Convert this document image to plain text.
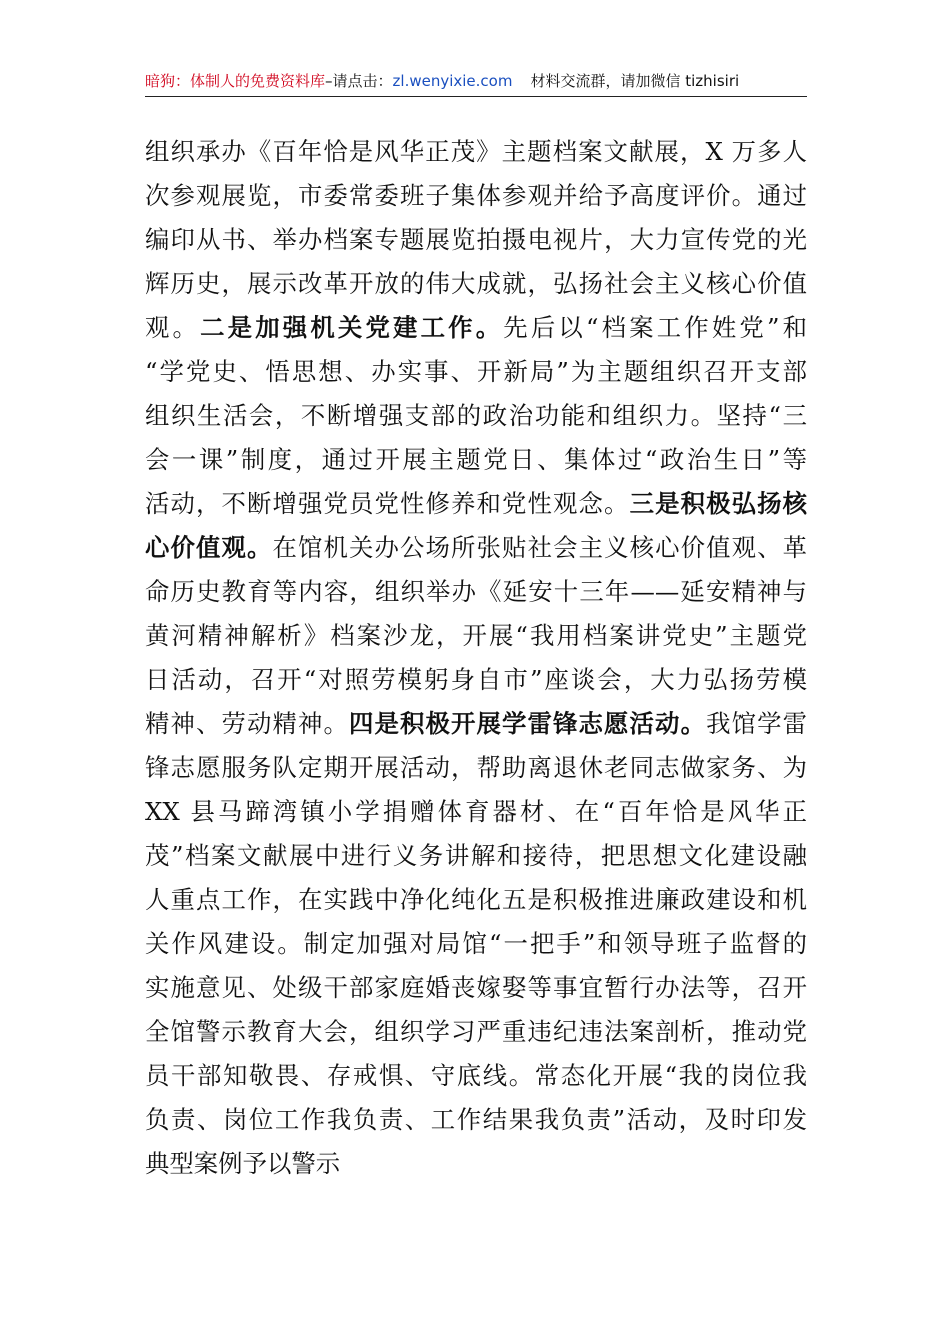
暗狗：体制人的免费资料库–请点击：zl.wenyixie.com 材料交流群，请加微信 tizhisiri
组织承办《百年恰是风华正茂》主题档案文献展，X 万多人
次参观展览，市委常委班子集体参观并给予高度评价。通过
编印从书、举办档案专题展览拍摄电视片，大力宣传党的光
辉历史，展示改革开放的伟大成就，弘扬社会主义核心价值
观。二是加强机关党建工作。先后以“档案工作姓党”和
“学党史、悟思想、办实事、开新局”为主题组织召开支部
组织生活会，不断增强支部的政治功能和组织力。坚持“三
会一课”制度，通过开展主题党日、集体过“政治生日”等
活动，不断增强党员党性修养和党性观念。三是积极弘扬核
心价值观。在馆机关办公场所张贴社会主义核心价值观、革
命历史教育等内容，组织举办《延安十三年——延安精神与
黄河精神解析》档案沙龙，开展“我用档案讲党史”主题党
日活动，召开“对照劳模躬身自市”座谈会，大力弘扬劳模
精神、劳动精神。四是积极开展学雷锋志愿活动。我馆学雷
锋志愿服务队定期开展活动，帮助离退休老同志做家务、为
XX 县马蹄湾镇小学捐赠体育器材、在“百年恰是风华正
茂”档案文献展中进行义务讲解和接待，把思想文化建设融
人重点工作，在实践中净化纯化五是积极推进廉政建设和机
关作风建设。制定加强对局馆“一把手”和领导班子监督的
实施意见、处级干部家庭婚丧嫁娶等事宜暂行办法等，召开
全馆警示教育大会，组织学习严重违纪违法案剖析，推动党
员干部知敬畏、存戒惧、守底线。常态化开展“我的岗位我
负责、岗位工作我负责、工作结果我负责”活动，及时印发
典型案例予以警示
